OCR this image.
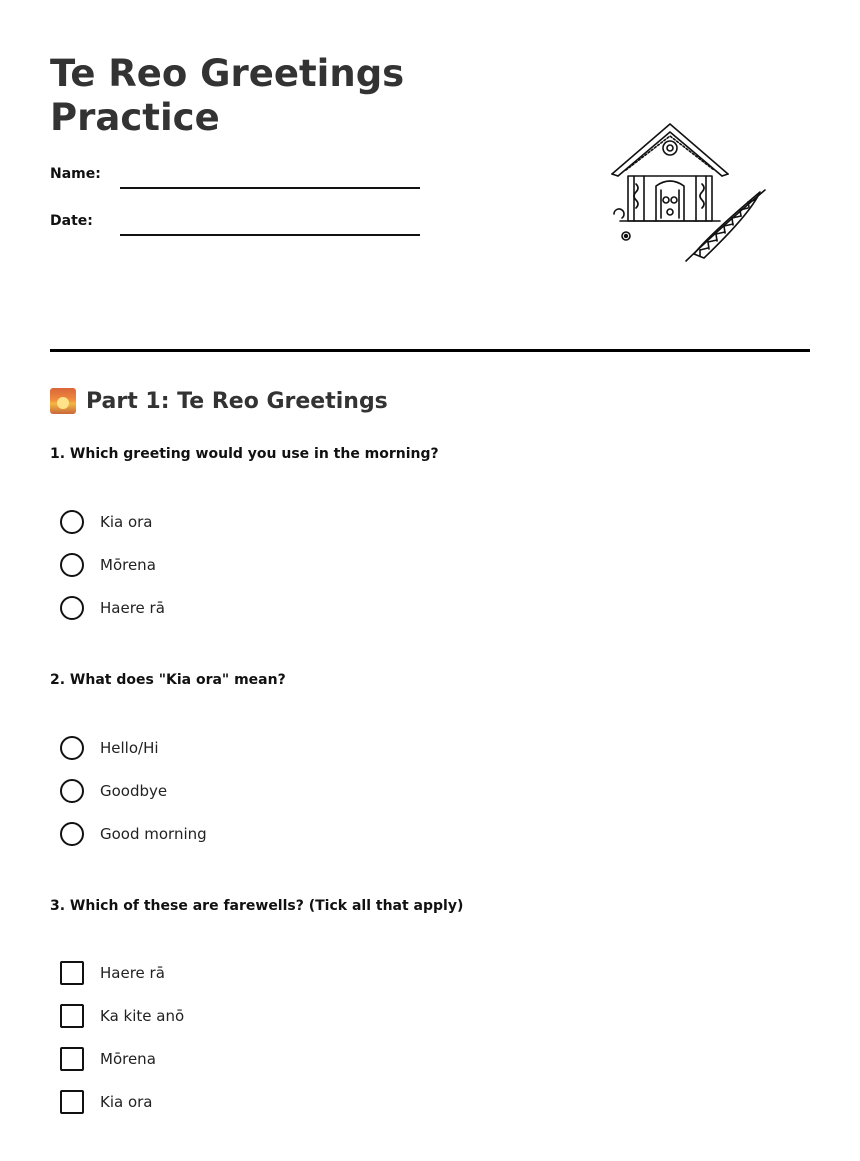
Te Reo Greetings
Practice
Name:
Date:
Part 1: Te Reo Greetings

1. Which greeting would you use in the morning?

Kia ora
Mōrena
Haere rā

2. What does "Kia ora" mean?

Hello/Hi
Goodbye
Good morning

3. Which of these are farewells? (Tick all that apply)

Haere rā
Ka kite anō
Mōrena
Kia ora
